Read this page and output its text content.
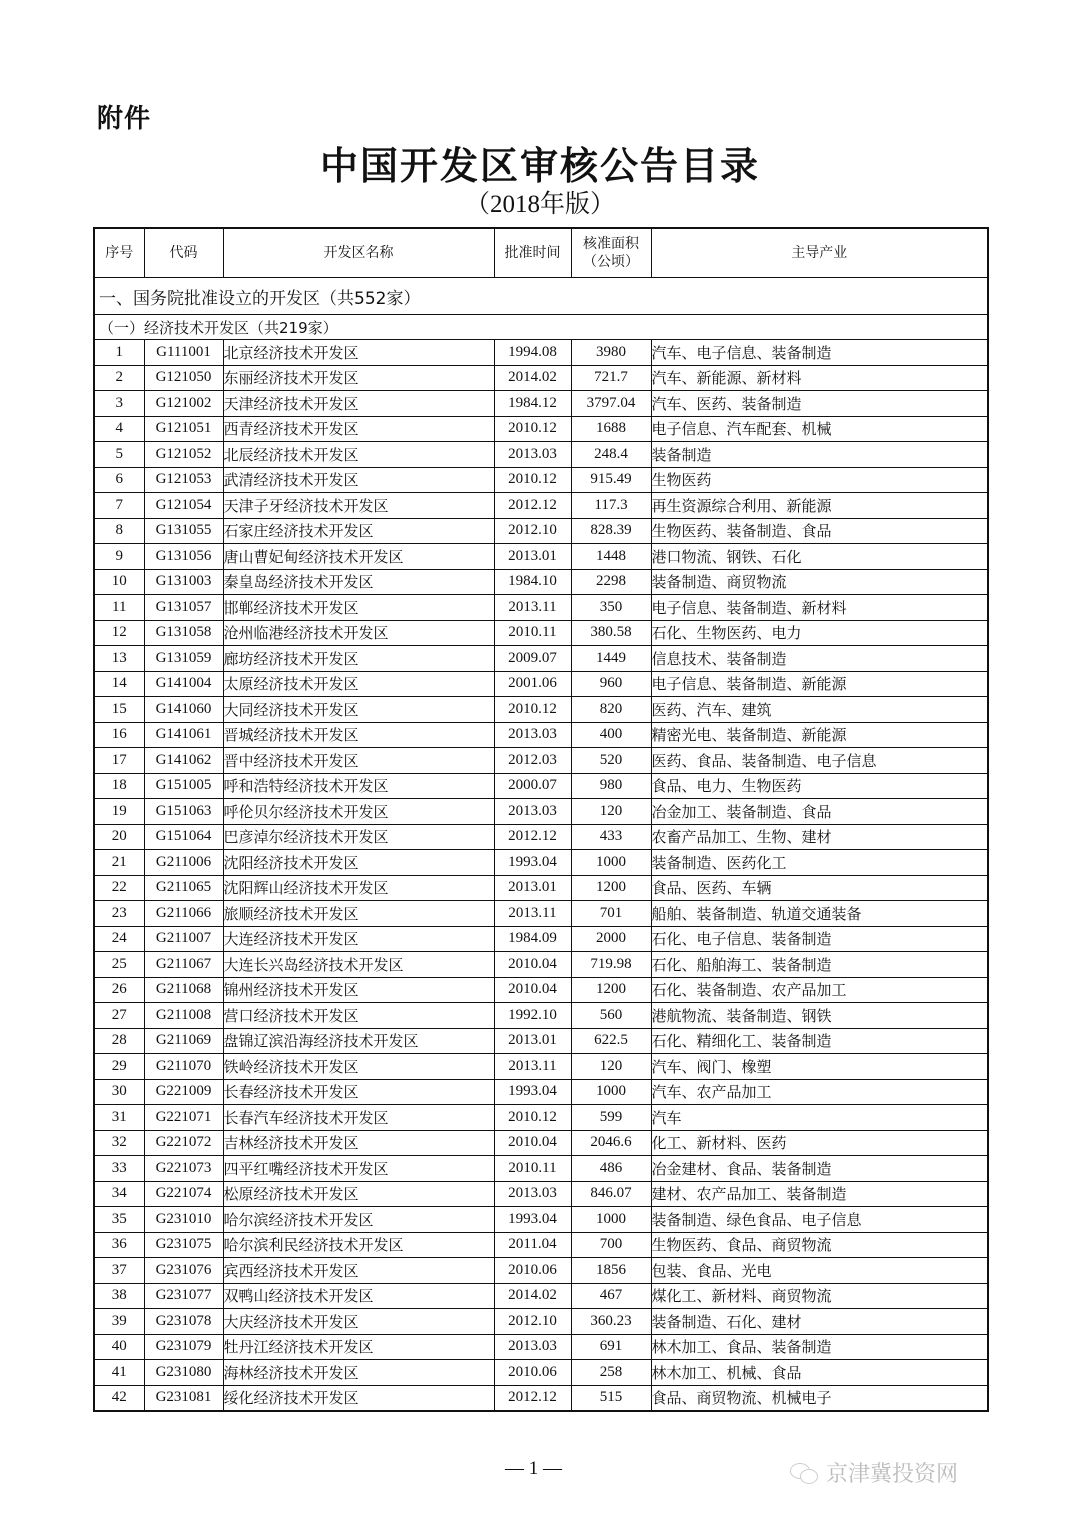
附件
中国开发区审核公告目录
（2018年版）
序号	代码	开发区名称	批准时间	核准面积
（公顷）	主导产业
一、国务院批准设立的开发区（共552家）					
（一）经济技术开发区（共219家）					
1	G111001	北京经济技术开发区	1994.08	3980	汽车、电子信息、装备制造
2	G121050	东丽经济技术开发区	2014.02	721.7	汽车、新能源、新材料
3	G121002	天津经济技术开发区	1984.12	3797.04	汽车、医药、装备制造
4	G121051	西青经济技术开发区	2010.12	1688	电子信息、汽车配套、机械
5	G121052	北辰经济技术开发区	2013.03	248.4	装备制造
6	G121053	武清经济技术开发区	2010.12	915.49	生物医药
7	G121054	天津子牙经济技术开发区	2012.12	117.3	再生资源综合利用、新能源
8	G131055	石家庄经济技术开发区	2012.10	828.39	生物医药、装备制造、食品
9	G131056	唐山曹妃甸经济技术开发区	2013.01	1448	港口物流、钢铁、石化
10	G131003	秦皇岛经济技术开发区	1984.10	2298	装备制造、商贸物流
11	G131057	邯郸经济技术开发区	2013.11	350	电子信息、装备制造、新材料
12	G131058	沧州临港经济技术开发区	2010.11	380.58	石化、生物医药、电力
13	G131059	廊坊经济技术开发区	2009.07	1449	信息技术、装备制造
14	G141004	太原经济技术开发区	2001.06	960	电子信息、装备制造、新能源
15	G141060	大同经济技术开发区	2010.12	820	医药、汽车、建筑
16	G141061	晋城经济技术开发区	2013.03	400	精密光电、装备制造、新能源
17	G141062	晋中经济技术开发区	2012.03	520	医药、食品、装备制造、电子信息
18	G151005	呼和浩特经济技术开发区	2000.07	980	食品、电力、生物医药
19	G151063	呼伦贝尔经济技术开发区	2013.03	120	冶金加工、装备制造、食品
20	G151064	巴彦淖尔经济技术开发区	2012.12	433	农畜产品加工、生物、建材
21	G211006	沈阳经济技术开发区	1993.04	1000	装备制造、医药化工
22	G211065	沈阳辉山经济技术开发区	2013.01	1200	食品、医药、车辆
23	G211066	旅顺经济技术开发区	2013.11	701	船舶、装备制造、轨道交通装备
24	G211007	大连经济技术开发区	1984.09	2000	石化、电子信息、装备制造
25	G211067	大连长兴岛经济技术开发区	2010.04	719.98	石化、船舶海工、装备制造
26	G211068	锦州经济技术开发区	2010.04	1200	石化、装备制造、农产品加工
27	G211008	营口经济技术开发区	1992.10	560	港航物流、装备制造、钢铁
28	G211069	盘锦辽滨沿海经济技术开发区	2013.01	622.5	石化、精细化工、装备制造
29	G211070	铁岭经济技术开发区	2013.11	120	汽车、阀门、橡塑
30	G221009	长春经济技术开发区	1993.04	1000	汽车、农产品加工
31	G221071	长春汽车经济技术开发区	2010.12	599	汽车
32	G221072	吉林经济技术开发区	2010.04	2046.6	化工、新材料、医药
33	G221073	四平红嘴经济技术开发区	2010.11	486	冶金建材、食品、装备制造
34	G221074	松原经济技术开发区	2013.03	846.07	建材、农产品加工、装备制造
35	G231010	哈尔滨经济技术开发区	1993.04	1000	装备制造、绿色食品、电子信息
36	G231075	哈尔滨利民经济技术开发区	2011.04	700	生物医药、食品、商贸物流
37	G231076	宾西经济技术开发区	2010.06	1856	包装、食品、光电
38	G231077	双鸭山经济技术开发区	2014.02	467	煤化工、新材料、商贸物流
39	G231078	大庆经济技术开发区	2012.10	360.23	装备制造、石化、建材
40	G231079	牡丹江经济技术开发区	2013.03	691	林木加工、食品、装备制造
41	G231080	海林经济技术开发区	2010.06	258	林木加工、机械、食品
42	G231081	绥化经济技术开发区	2012.12	515	食品、商贸物流、机械电子
— 1 —	京津冀投资网
